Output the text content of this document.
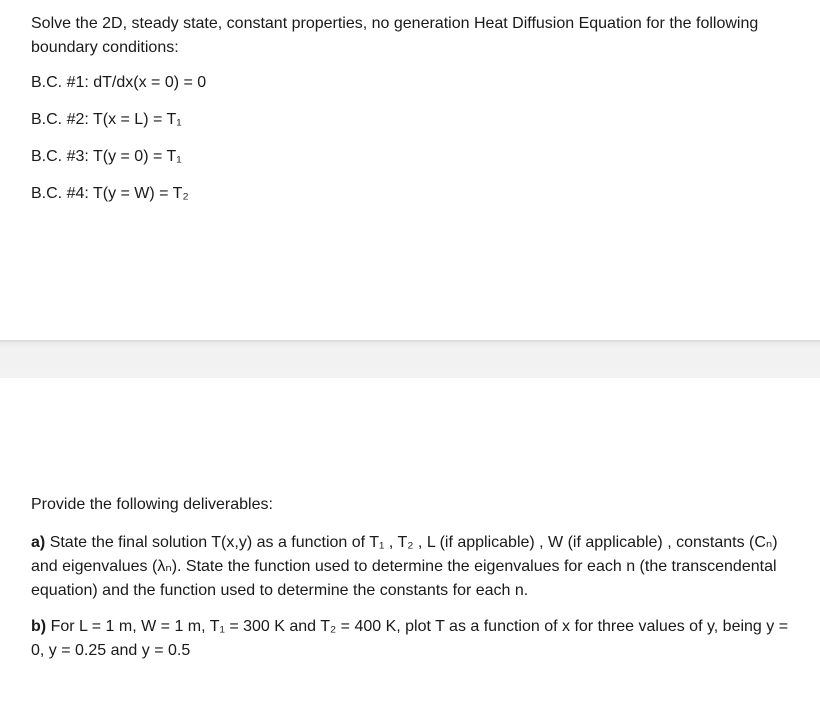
Solve the 2D, steady state, constant properties, no generation Heat Diffusion Equation for the following boundary conditions:
B.C. #1: dT/dx(x = 0) = 0
B.C. #2: T(x = L) = T₁
B.C. #3: T(y = 0) = T₁
B.C. #4: T(y = W) = T₂
Provide the following deliverables:
a) State the final solution T(x,y) as a function of T₁ , T₂ , L (if applicable) , W (if applicable) , constants (Cₙ) and eigenvalues (λₙ). State the function used to determine the eigenvalues for each n (the transcendental equation) and the function used to determine the constants for each n.
b) For L = 1 m, W = 1 m, T₁ = 300 K and T₂ = 400 K, plot T as a function of x for three values of y, being y = 0, y = 0.25 and y = 0.5
